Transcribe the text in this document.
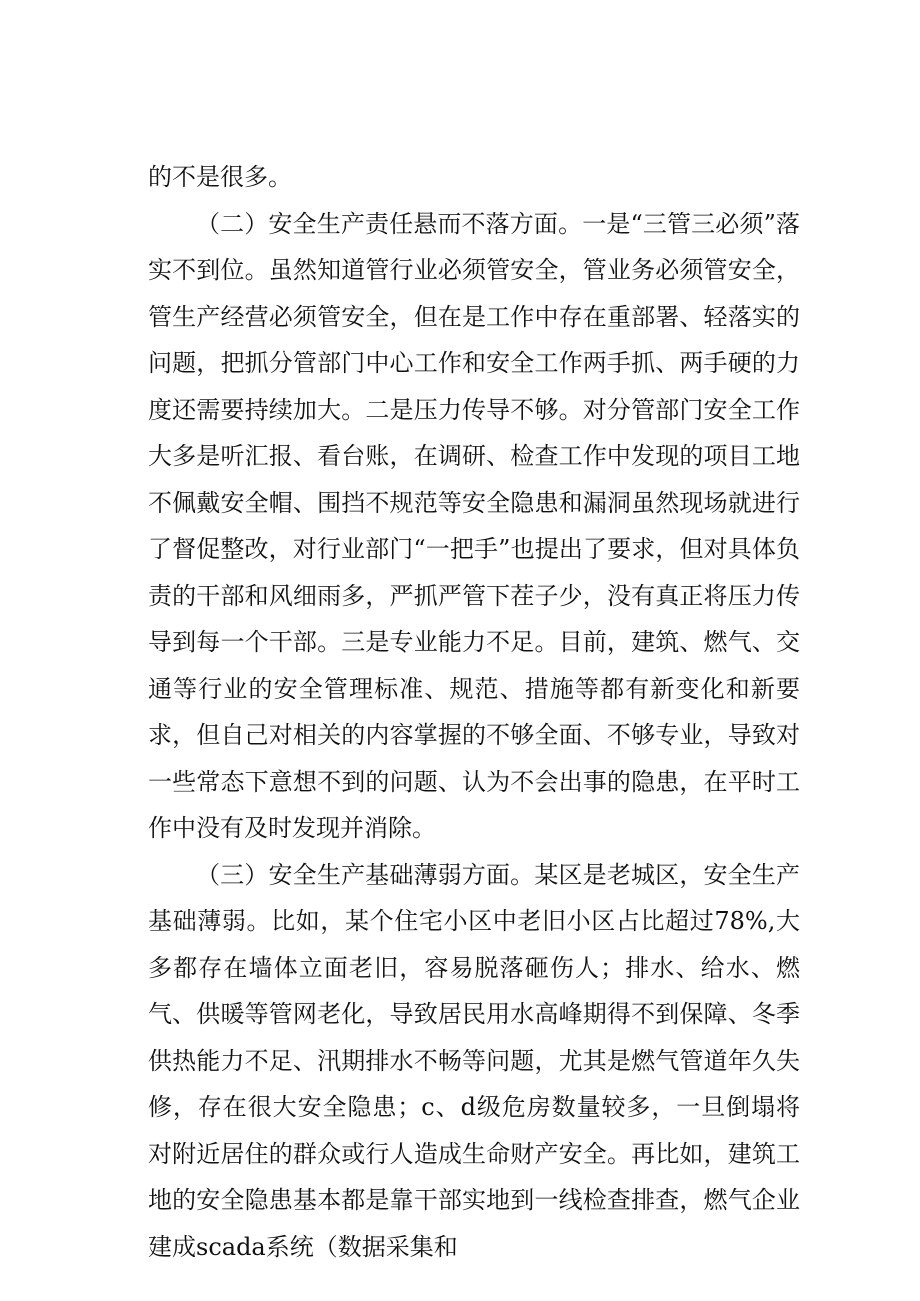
的不是很多。

（二）安全生产责任悬而不落方面。一是“三管三必须”落实不到位。虽然知道管行业必须管安全，管业务必须管安全，管生产经营必须管安全，但在是工作中存在重部署、轻落实的问题，把抓分管部门中心工作和安全工作两手抓、两手硬的力度还需要持续加大。二是压力传导不够。对分管部门安全工作大多是听汇报、看台账，在调研、检查工作中发现的项目工地不佩戴安全帽、围挡不规范等安全隐患和漏洞虽然现场就进行了督促整改，对行业部门“一把手”也提出了要求，但对具体负责的干部和风细雨多，严抓严管下茬子少，没有真正将压力传导到每一个干部。三是专业能力不足。目前，建筑、燃气、交通等行业的安全管理标准、规范、措施等都有新变化和新要求，但自己对相关的内容掌握的不够全面、不够专业，导致对一些常态下意想不到的问题、认为不会出事的隐患，在平时工作中没有及时发现并消除。

（三）安全生产基础薄弱方面。某区是老城区，安全生产基础薄弱。比如，某个住宅小区中老旧小区占比超过78%,大多都存在墙体立面老旧，容易脱落砸伤人；排水、给水、燃气、供暖等管网老化，导致居民用水高峰期得不到保障、冬季供热能力不足、汛期排水不畅等问题，尤其是燃气管道年久失修，存在很大安全隐患；c、d级危房数量较多，一旦倒塌将对附近居住的群众或行人造成生命财产安全。再比如，建筑工地的安全隐患基本都是靠干部实地到一线检查排查，燃气企业建成scada系统（数据采集和
